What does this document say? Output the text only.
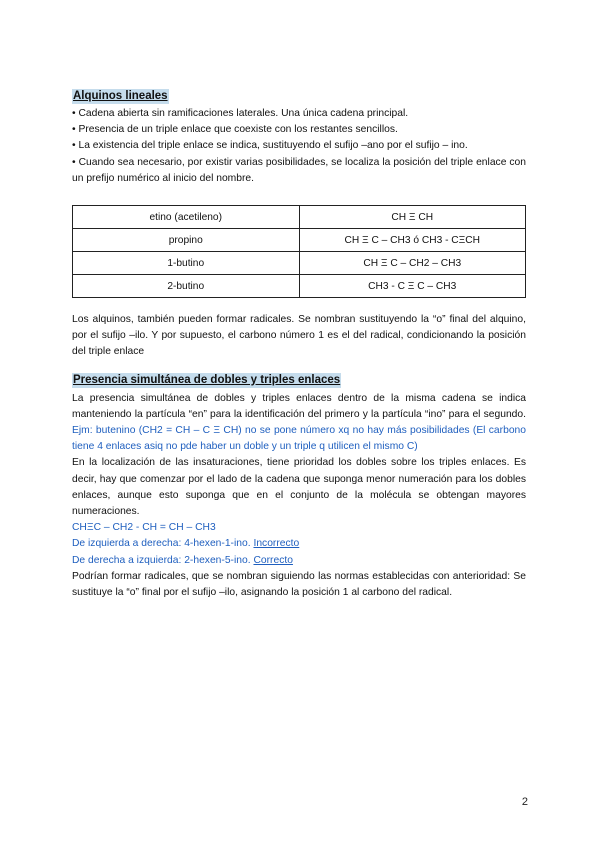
Alquinos lineales

• Cadena abierta sin ramificaciones laterales. Una única cadena principal.

• Presencia de un triple enlace que coexiste con los restantes sencillos.

• La existencia del triple enlace se indica, sustituyendo el sufijo –ano por el sufijo – ino.

• Cuando sea necesario, por existir varias posibilidades, se localiza la posición del triple enlace con un prefijo numérico al inicio del nombre.

etino (acetileno)	CH Ξ CH
propino	CH Ξ C – CH3 ó CH3 - CΞCH
1-butino	CH Ξ C – CH2 – CH3
2-butino	CH3 - C Ξ C – CH3

Los alquinos, también pueden formar radicales. Se nombran sustituyendo la “o” final del alquino, por el sufijo –ilo. Y por supuesto, el carbono número 1 es el del radical, condicionando la posición del triple enlace

Presencia simultánea de dobles y triples enlaces

La presencia simultánea de dobles y triples enlaces dentro de la misma cadena se indica manteniendo la partícula “en” para la identificación del primero y la partícula “ino” para el segundo. Ejm: butenino (CH2 = CH – C Ξ CH) no se pone número xq no hay más posibilidades (El carbono tiene 4 enlaces asiq no pde haber un doble y un triple q utilicen el mismo C)

En la localización de las insaturaciones, tiene prioridad los dobles sobre los triples enlaces. Es decir, hay que comenzar por el lado de la cadena que suponga menor numeración para los dobles enlaces, aunque esto suponga que en el conjunto de la molécula se obtengan mayores numeraciones.

CHΞC – CH2 - CH = CH – CH3

De izquierda a derecha: 4-hexen-1-ino. Incorrecto

De derecha a izquierda: 2-hexen-5-ino. Correcto

Podrían formar radicales, que se nombran siguiendo las normas establecidas con anterioridad: Se sustituye la “o” final por el sufijo –ilo, asignando la posición 1 al carbono del radical.

2
